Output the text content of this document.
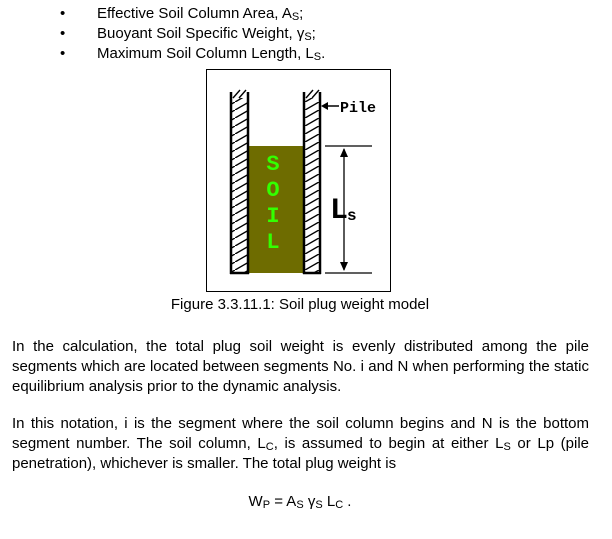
• Effective Soil Column Area, $A_S$;
• Buoyant Soil Specific Weight, $\gamma_S$;
• Maximum Soil Column Length, $L_S$.
S
O
I
L
Pile
L
s
Figure 3.3.11.1: Soil plug weight model

In the calculation, the total plug soil weight is evenly distributed among the pile segments which are located between segments No. i and N when performing the static equilibrium analysis prior to the dynamic analysis.

In this notation, i is the segment where the soil column begins and N is the bottom segment number. The soil column, $L_C$, is assumed to begin at either $L_S$ or Lp (pile penetration), whichever is smaller. The total plug weight is

$W_P = A_S$ $\gamma_S$ $L_C$ .
